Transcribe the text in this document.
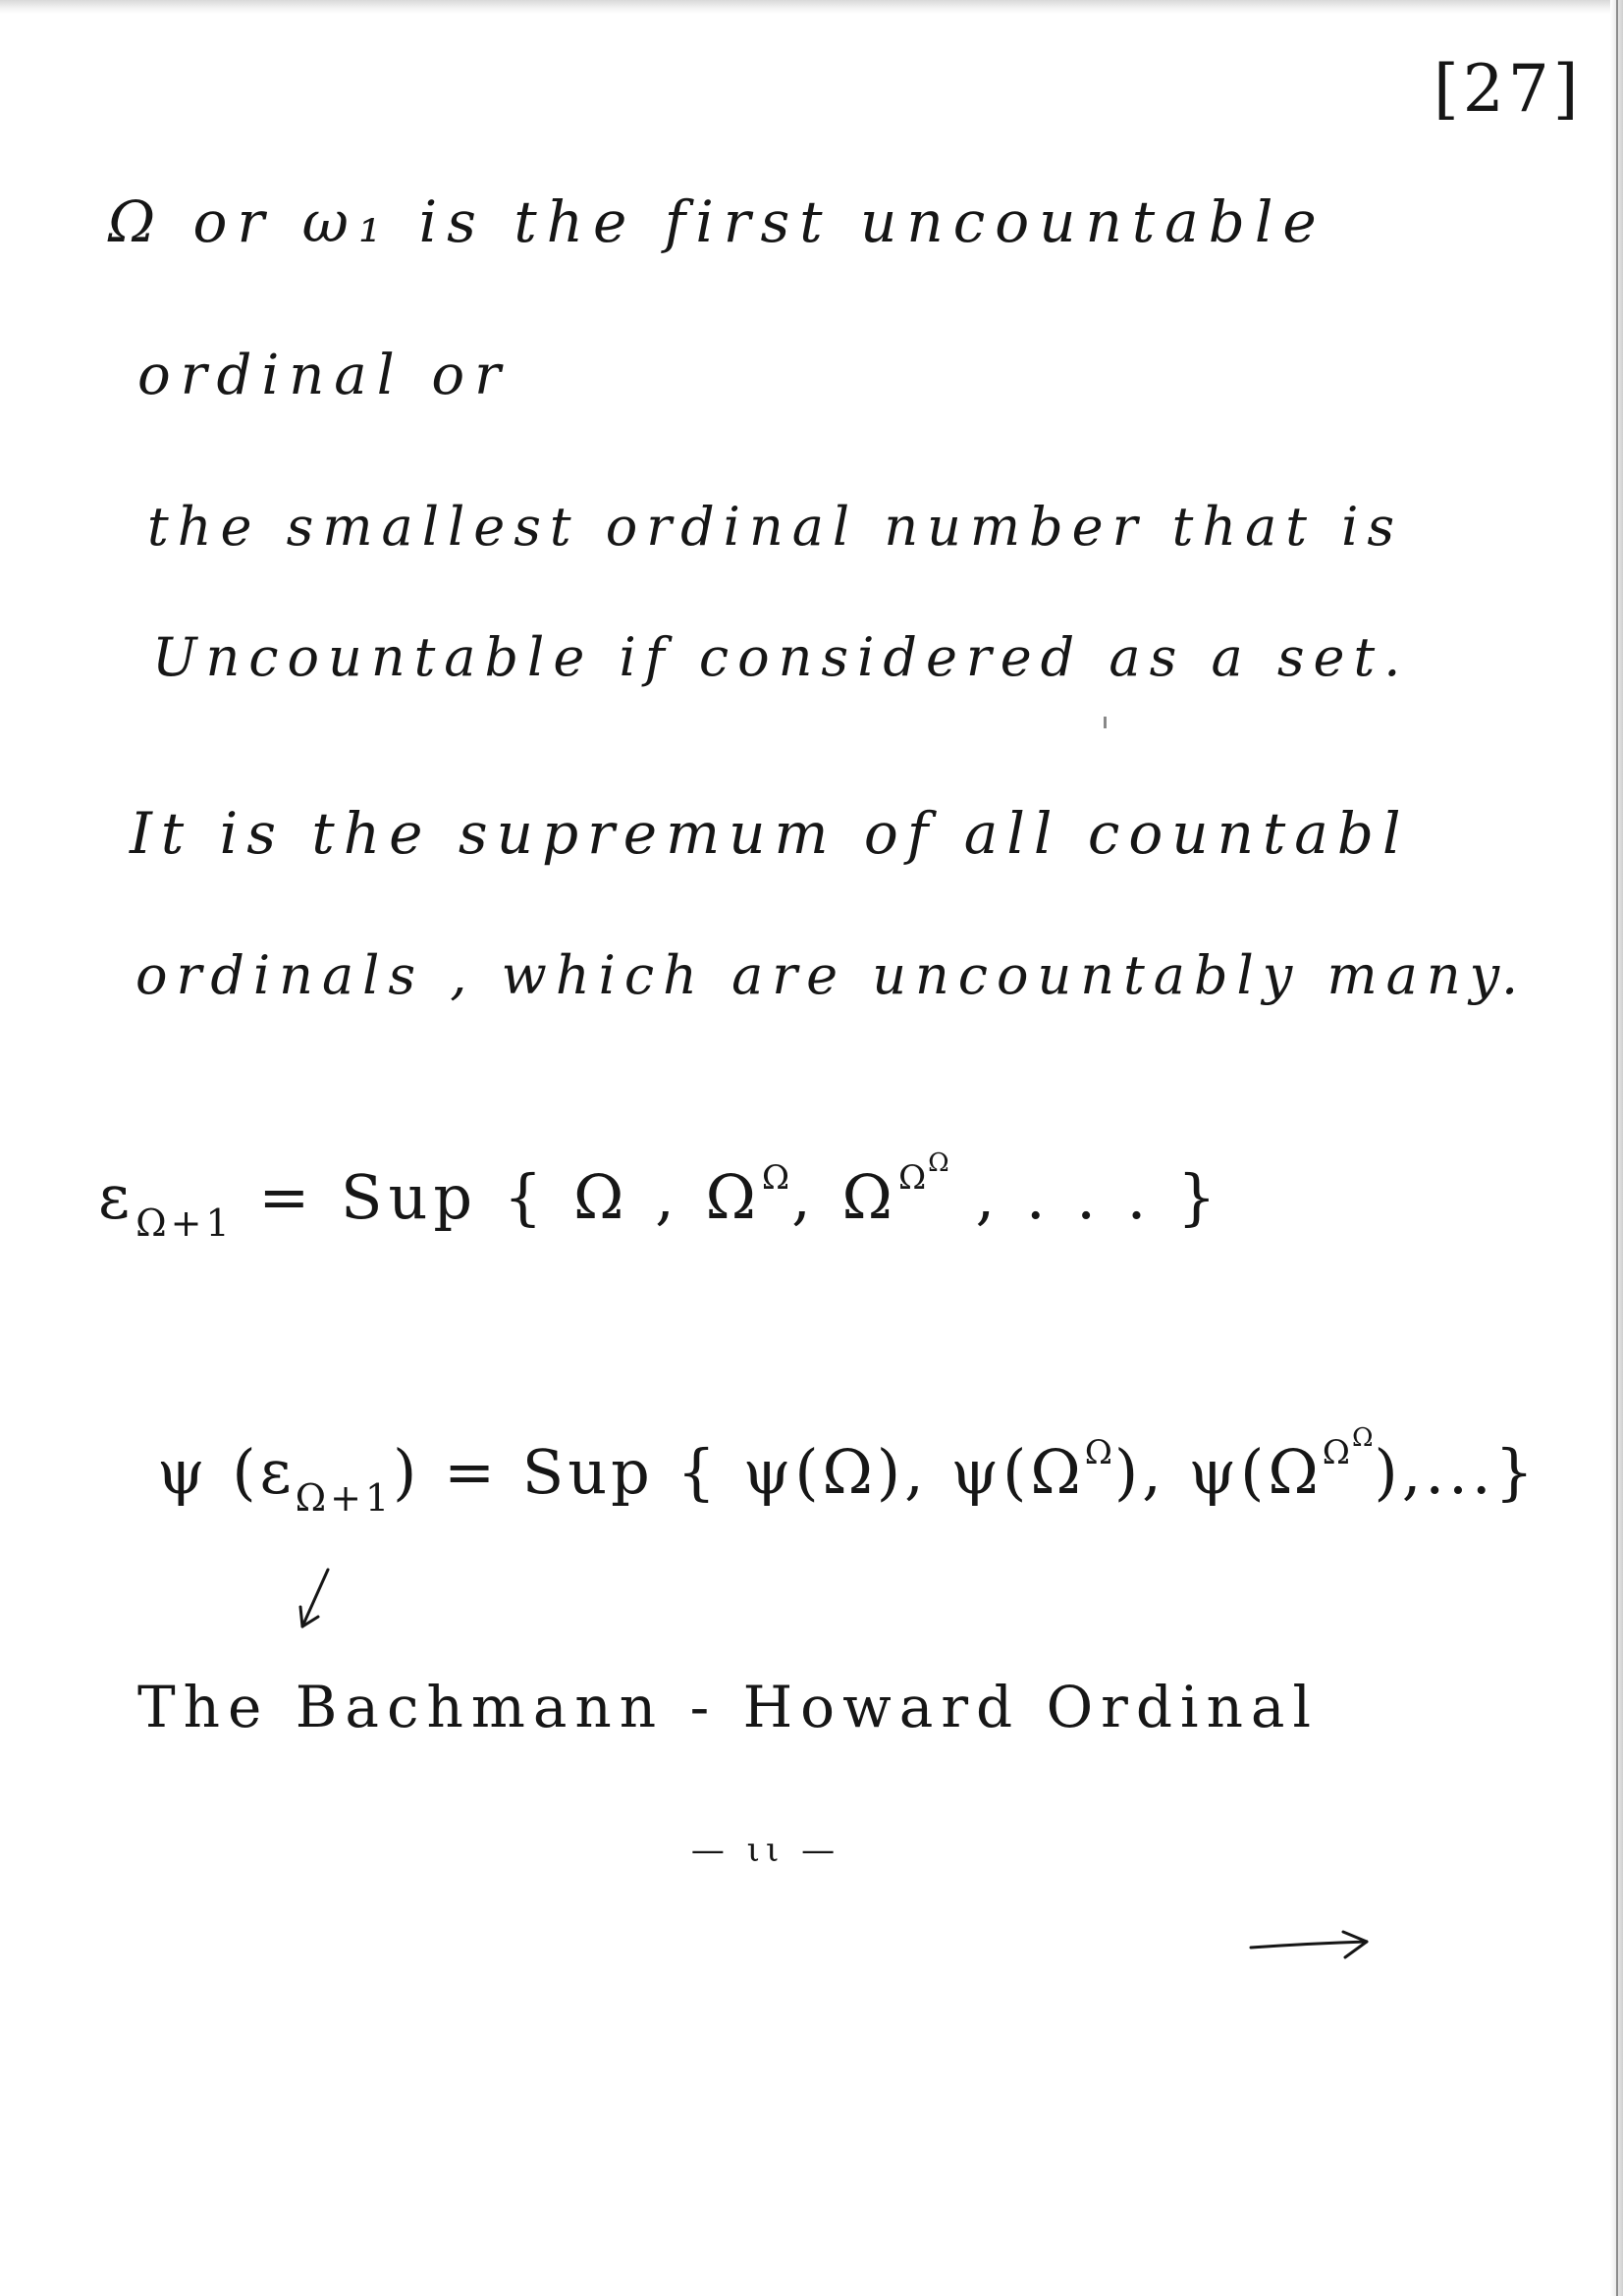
[27]
Ω or ω₁ is the first uncountable
ordinal or
the smallest ordinal number that is
Uncountable if considered as a set.
It is the supremum of all countabl
ordinals , which are uncountably many.
$\varepsilon_{\Omega+1}$ = Sup { Ω , $\Omega^\Omega$, $\Omega^{\Omega\Omega}$ , . . . }
ψ $(\varepsilon_{\Omega+1})$ = Sup { ψ(Ω), $\psi(\Omega^\Omega)$, $\psi(\Omega^{\Omega\Omega})$,...}
The Bachmann - Howard Ordinal
— ιι —
